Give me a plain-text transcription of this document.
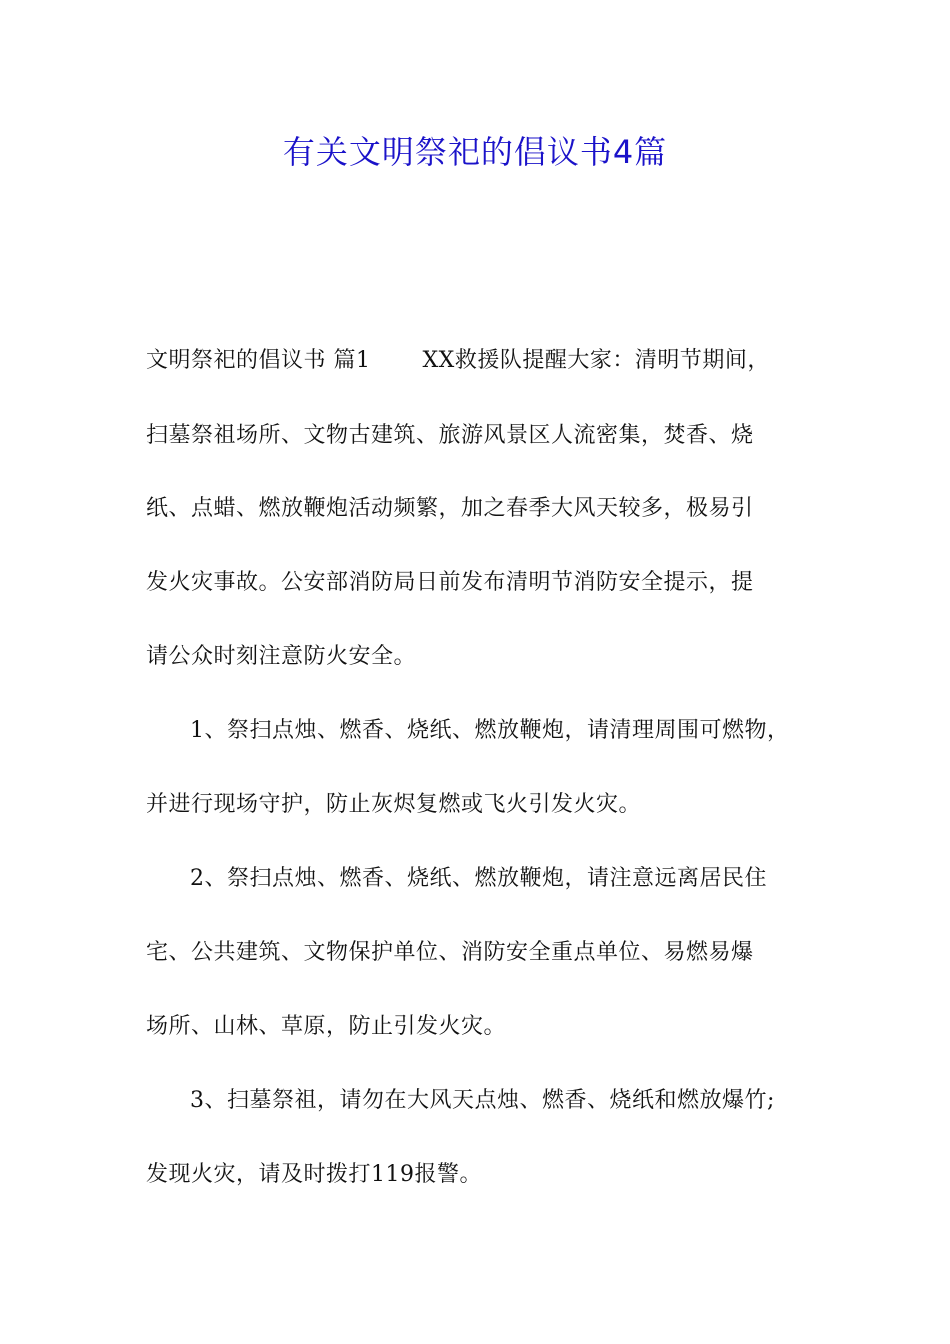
有关文明祭祀的倡议书4篇
文明祭祀的倡议书 篇1 XX救援队提醒大家：清明节期间，
扫墓祭祖场所、文物古建筑、旅游风景区人流密集，焚香、烧
纸、点蜡、燃放鞭炮活动频繁，加之春季大风天较多，极易引
发火灾事故。公安部消防局日前发布清明节消防安全提示，提
请公众时刻注意防火安全。
1、祭扫点烛、燃香、烧纸、燃放鞭炮，请清理周围可燃物，
并进行现场守护，防止灰烬复燃或飞火引发火灾。
2、祭扫点烛、燃香、烧纸、燃放鞭炮，请注意远离居民住
宅、公共建筑、文物保护单位、消防安全重点单位、易燃易爆
场所、山林、草原，防止引发火灾。
3、扫墓祭祖，请勿在大风天点烛、燃香、烧纸和燃放爆竹;
发现火灾，请及时拨打119报警。
